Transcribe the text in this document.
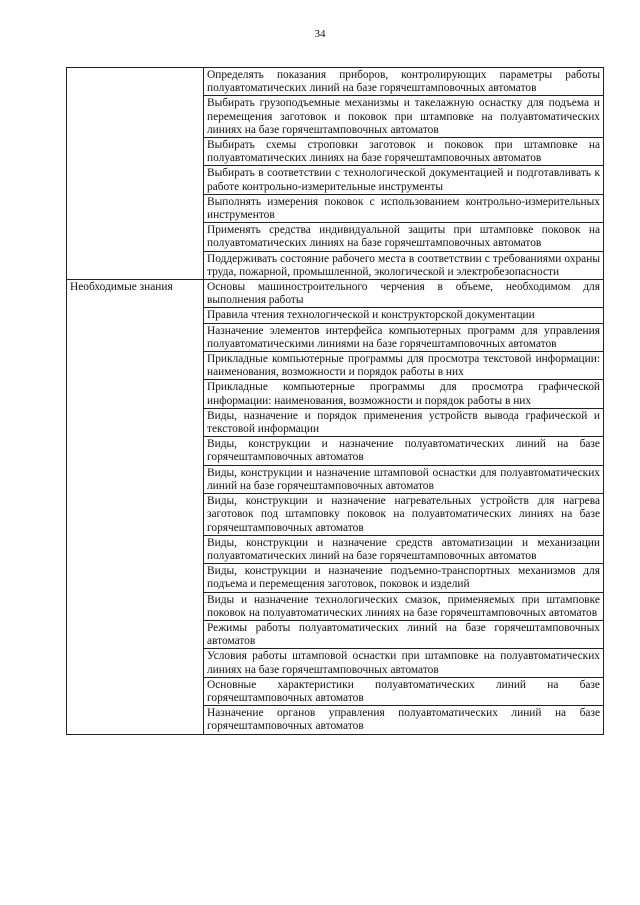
34
	Определять показания приборов, контролирующих параметры работы полуавтоматических линий на базе горячештамповочных автоматов
	Выбирать грузоподъемные механизмы и такелажную оснастку для подъема и перемещения заготовок и поковок при штамповке на полуавтоматических линиях на базе горячештамповочных автоматов
	Выбирать схемы строповки заготовок и поковок при штамповке на полуавтоматических линиях на базе горячештамповочных автоматов
	Выбирать в соответствии с технологической документацией и подготавливать к работе контрольно-измерительные инструменты
	Выполнять измерения поковок с использованием контрольно-измерительных инструментов
	Применять средства индивидуальной защиты при штамповке поковок на полуавтоматических линиях на базе горячештамповочных автоматов
	Поддерживать состояние рабочего места в соответствии с требованиями охраны труда, пожарной, промышленной, экологической и электробезопасности
Необходимые знания	Основы машиностроительного черчения в объеме, необходимом для выполнения работы
	Правила чтения технологической и конструкторской документации
	Назначение элементов интерфейса компьютерных программ для управления полуавтоматическими линиями на базе горячештамповочных автоматов
	Прикладные компьютерные программы для просмотра текстовой информации: наименования, возможности и порядок работы в них
	Прикладные компьютерные программы для просмотра графической информации: наименования, возможности и порядок работы в них
	Виды, назначение и порядок применения устройств вывода графической и текстовой информации
	Виды, конструкции и назначение полуавтоматических линий на базе горячештамповочных автоматов
	Виды, конструкции и назначение штамповой оснастки для полуавтоматических линий на базе горячештамповочных автоматов
	Виды, конструкции и назначение нагревательных устройств для нагрева заготовок под штамповку поковок на полуавтоматических линиях на базе горячештамповочных автоматов
	Виды, конструкции и назначение средств автоматизации и механизации полуавтоматических линий на базе горячештамповочных автоматов
	Виды, конструкции и назначение подъемно-транспортных механизмов для подъема и перемещения заготовок, поковок и изделий
	Виды и назначение технологических смазок, применяемых при штамповке поковок на полуавтоматических линиях на базе горячештамповочных автоматов
	Режимы работы полуавтоматических линий на базе горячештамповочных автоматов
	Условия работы штамповой оснастки при штамповке на полуавтоматических линиях на базе горячештамповочных автоматов
	Основные характеристики полуавтоматических линий на базе горячештамповочных автоматов
	Назначение органов управления полуавтоматических линий на базе горячештамповочных автоматов
